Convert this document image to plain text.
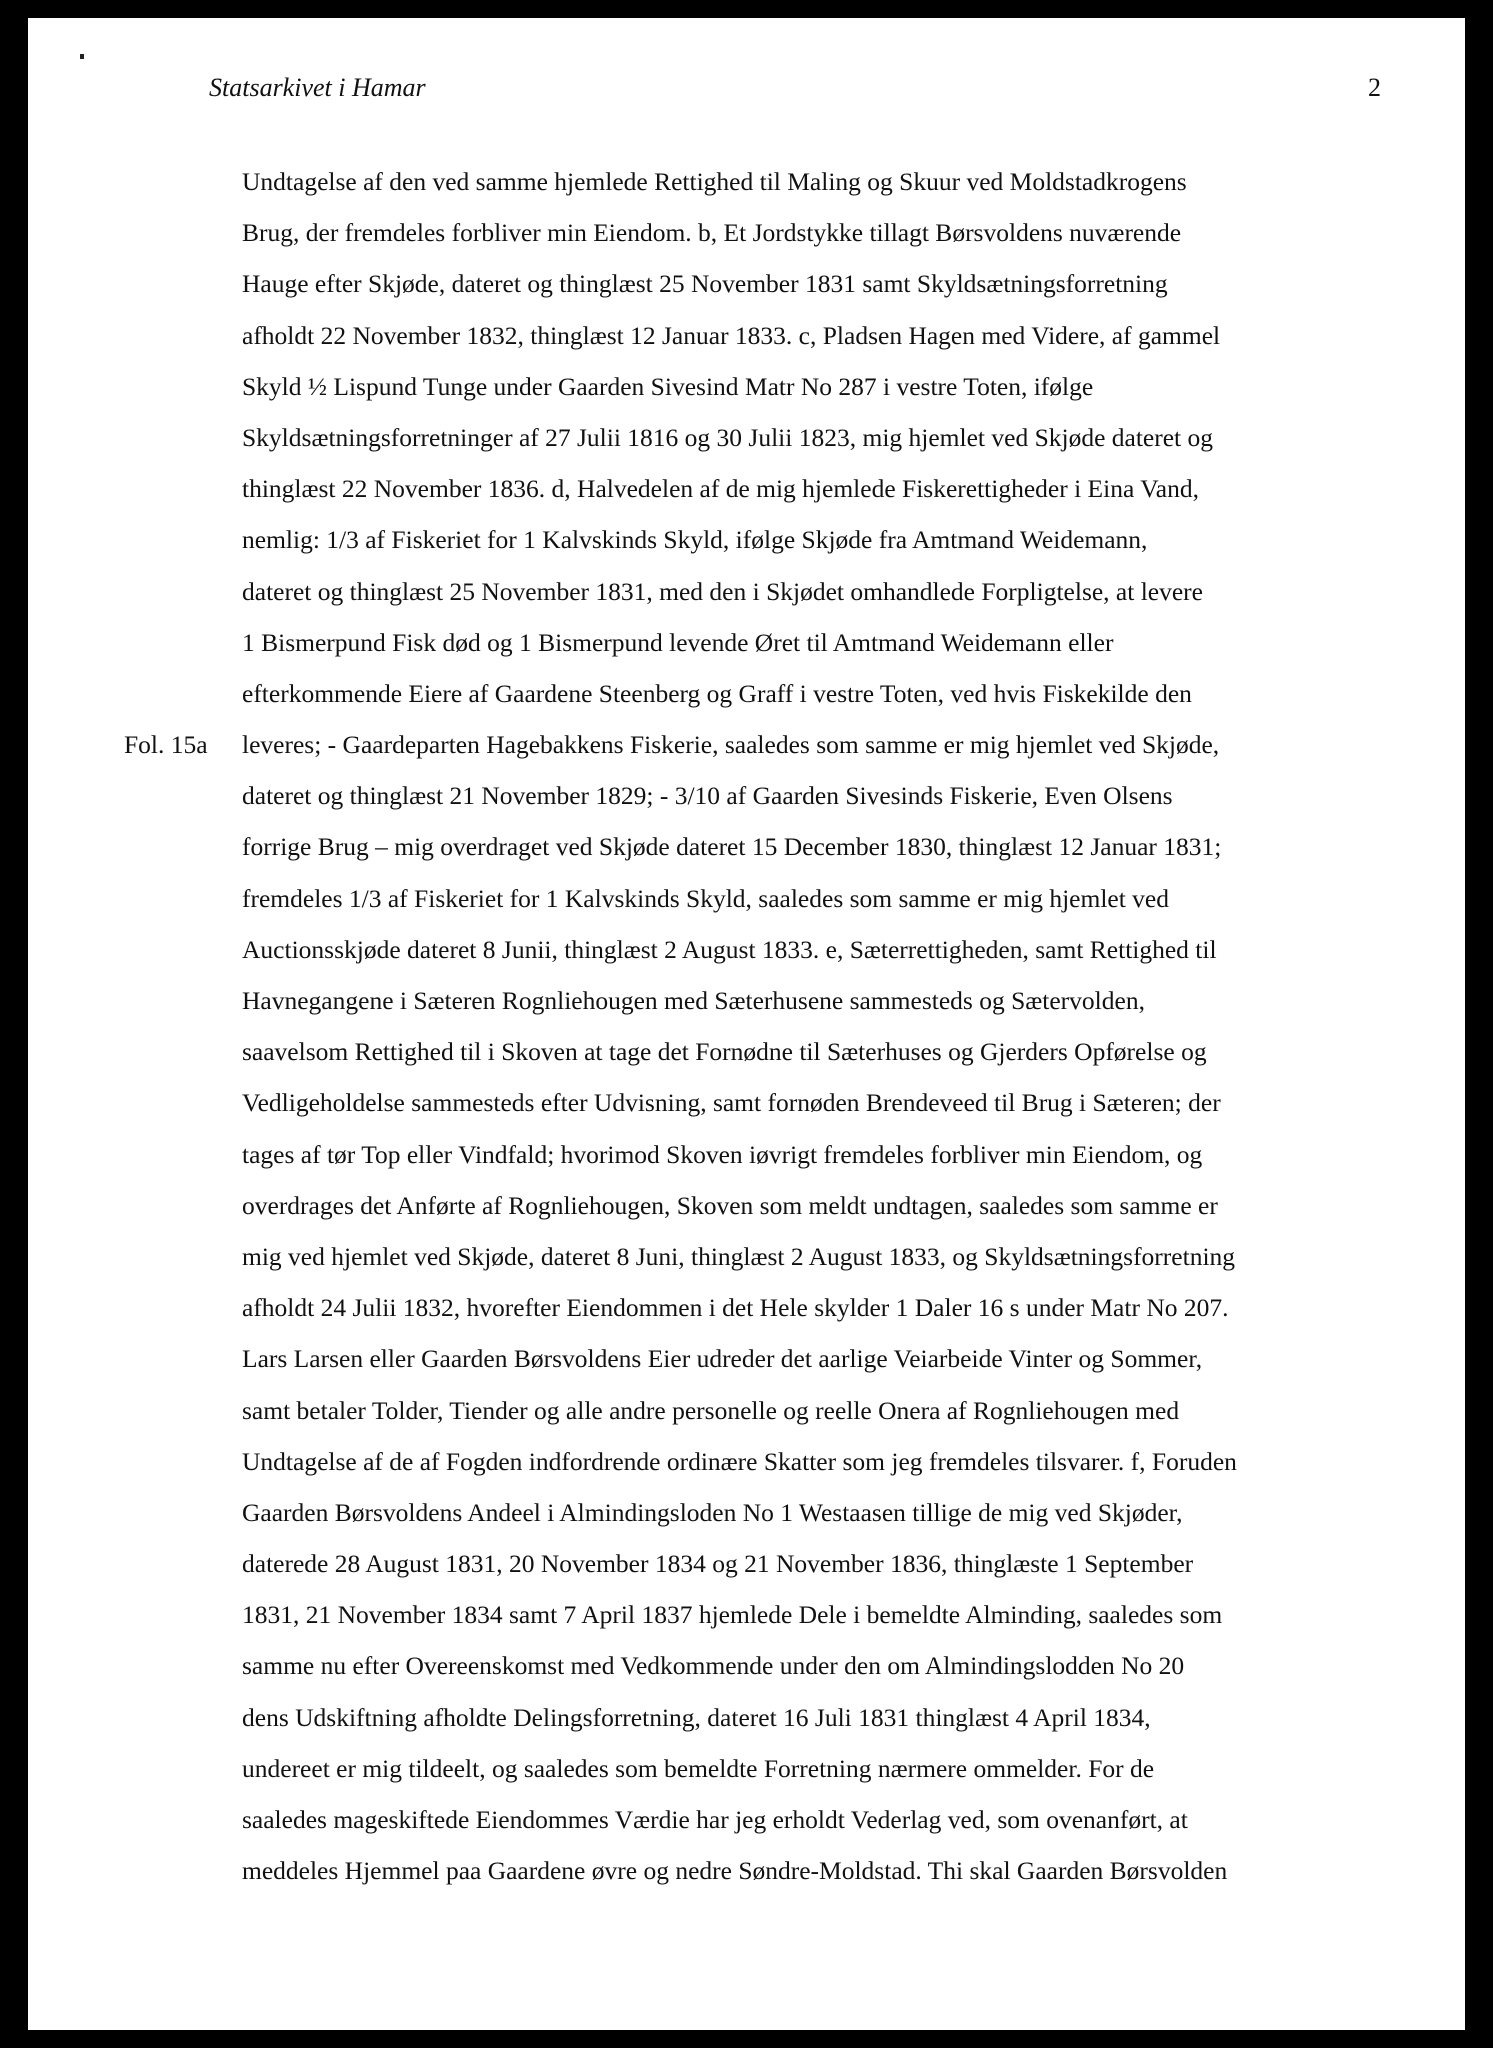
Statsarkivet i Hamar	2
Undtagelse af den ved samme hjemlede Rettighed til Maling og Skuur ved Moldstadkrogens
Brug, der fremdeles forbliver min Eiendom. b, Et Jordstykke tillagt Børsvoldens nuværende
Hauge efter Skjøde, dateret og thinglæst 25 November 1831 samt Skyldsætningsforretning
afholdt 22 November 1832, thinglæst 12 Januar 1833. c, Pladsen Hagen med Videre, af gammel
Skyld ½ Lispund Tunge under Gaarden Sivesind Matr No 287 i vestre Toten, ifølge
Skyldsætningsforretninger af 27 Julii 1816 og 30 Julii 1823, mig hjemlet ved Skjøde dateret og
thinglæst 22 November 1836. d, Halvedelen af de mig hjemlede Fiskerettigheder i Eina Vand,
nemlig: 1/3 af Fiskeriet for 1 Kalvskinds Skyld, ifølge Skjøde fra Amtmand Weidemann,
dateret og thinglæst 25 November 1831, med den i Skjødet omhandlede Forpligtelse, at levere
1 Bismerpund Fisk død og 1 Bismerpund levende Øret til Amtmand Weidemann eller
efterkommende Eiere af Gaardene Steenberg og Graff i vestre Toten, ved hvis Fiskekilde den
Fol. 15a leveres; - Gaardeparten Hagebakkens Fiskerie, saaledes som samme er mig hjemlet ved Skjøde,
dateret og thinglæst 21 November 1829; - 3/10 af Gaarden Sivesinds Fiskerie, Even Olsens
forrige Brug – mig overdraget ved Skjøde dateret 15 December 1830, thinglæst 12 Januar 1831;
fremdeles 1/3 af Fiskeriet for 1 Kalvskinds Skyld, saaledes som samme er mig hjemlet ved
Auctionsskjøde dateret 8 Junii, thinglæst 2 August 1833. e, Sæterrettigheden, samt Rettighed til
Havnegangene i Sæteren Rognliehougen med Sæterhusene sammesteds og Sætervolden,
saavelsom Rettighed til i Skoven at tage det Fornødne til Sæterhuses og Gjerders Opførelse og
Vedligeholdelse sammesteds efter Udvisning, samt fornøden Brendeveed til Brug i Sæteren; der
tages af tør Top eller Vindfald; hvorimod Skoven iøvrigt fremdeles forbliver min Eiendom, og
overdrages det Anførte af Rognliehougen, Skoven som meldt undtagen, saaledes som samme er
mig ved hjemlet ved Skjøde, dateret 8 Juni, thinglæst 2 August 1833, og Skyldsætningsforretning
afholdt 24 Julii 1832, hvorefter Eiendommen i det Hele skylder 1 Daler 16 s under Matr No 207.
Lars Larsen eller Gaarden Børsvoldens Eier udreder det aarlige Veiarbeide Vinter og Sommer,
samt betaler Tolder, Tiender og alle andre personelle og reelle Onera af Rognliehougen med
Undtagelse af de af Fogden indfordrende ordinære Skatter som jeg fremdeles tilsvarer. f, Foruden
Gaarden Børsvoldens Andeel i Almindingsloden No 1 Westaasen tillige de mig ved Skjøder,
daterede 28 August 1831, 20 November 1834 og 21 November 1836, thinglæste 1 September
1831, 21 November 1834 samt 7 April 1837 hjemlede Dele i bemeldte Alminding, saaledes som
samme nu efter Overeenskomst med Vedkommende under den om Almindingslodden No 20
dens Udskiftning afholdte Delingsforretning, dateret 16 Juli 1831 thinglæst 4 April 1834,
undereet er mig tildeelt, og saaledes som bemeldte Forretning nærmere ommelder. For de
saaledes mageskiftede Eiendommes Værdie har jeg erholdt Vederlag ved, som ovenanført, at
meddeles Hjemmel paa Gaardene øvre og nedre Søndre-Moldstad. Thi skal Gaarden Børsvolden
